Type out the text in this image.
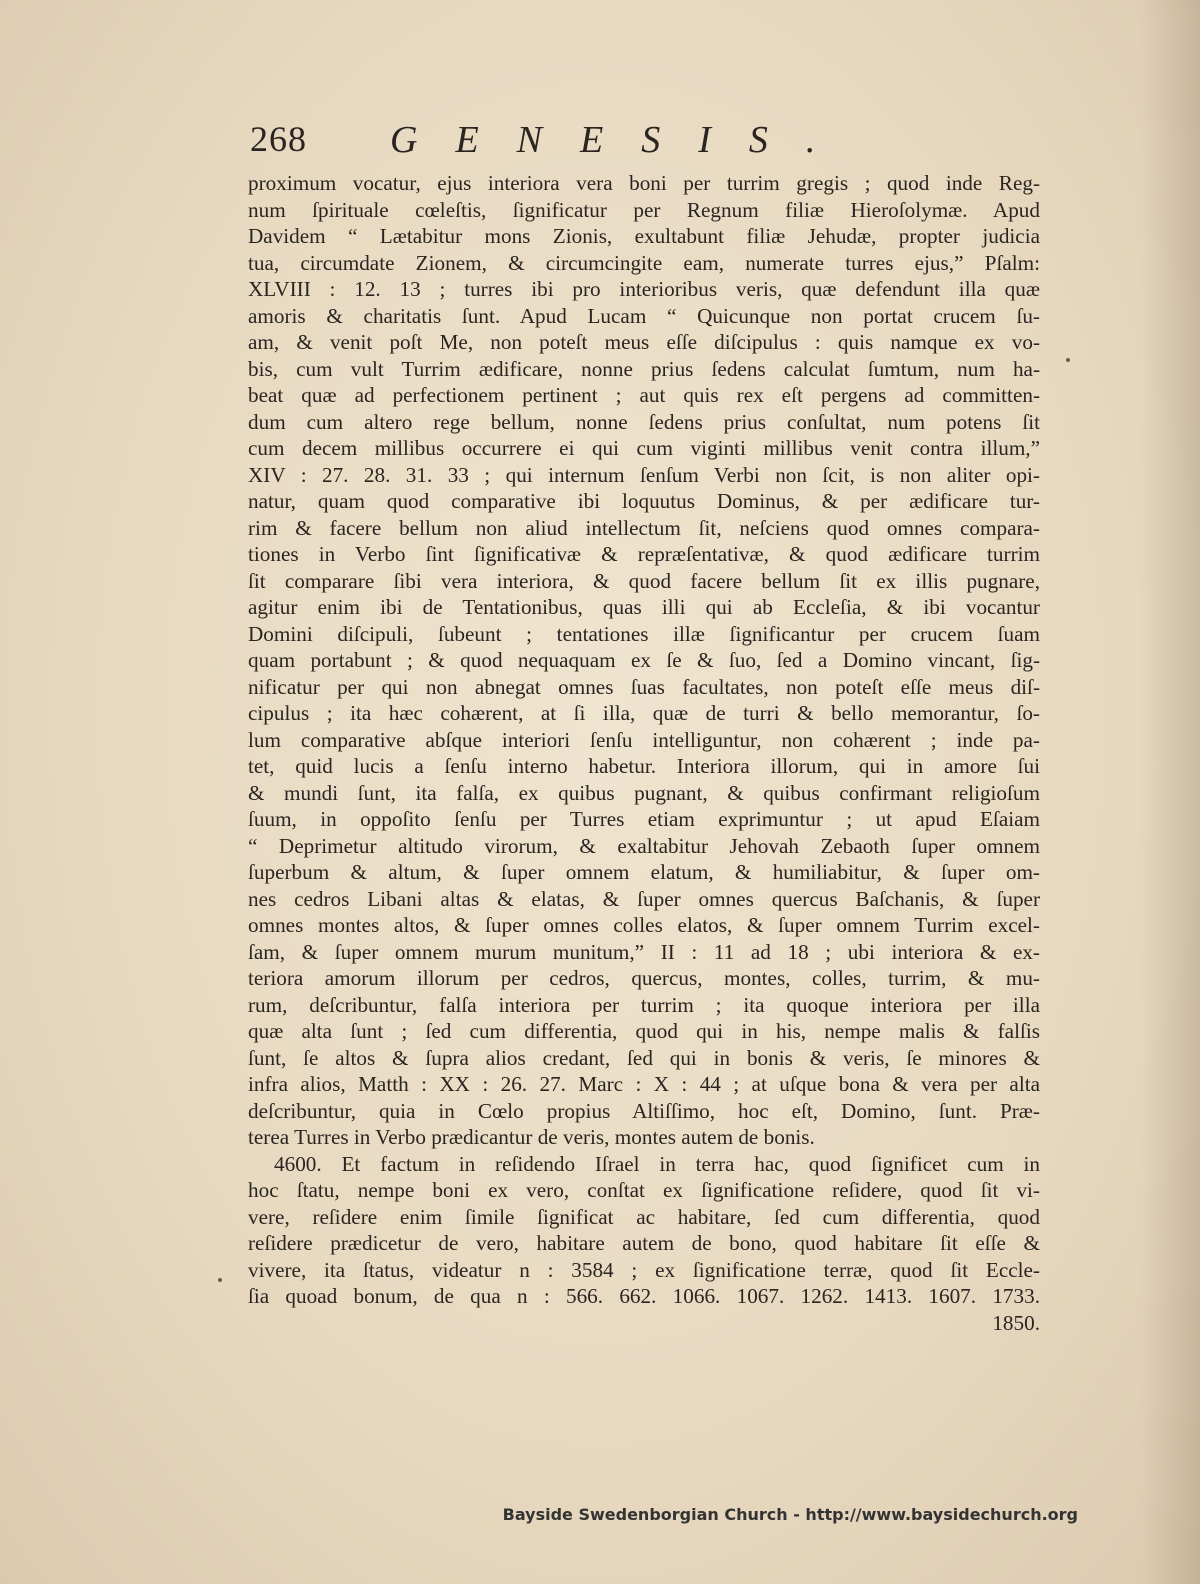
268 GENESIS.
proximum vocatur, ejus interiora vera boni per turrim gregis ; quod inde Reg-
num ſpirituale cœleſtis, ſignificatur per Regnum filiæ Hieroſolymæ. Apud
Davidem “ Lætabitur mons Zionis, exultabunt filiæ Jehudæ, propter judicia
tua, circumdate Zionem, & circumcingite eam, numerate turres ejus,” Pſalm:
XLVIII : 12. 13 ; turres ibi pro interioribus veris, quæ defendunt illa quæ
amoris & charitatis ſunt. Apud Lucam “ Quicunque non portat crucem ſu-
am, & venit poſt Me, non poteſt meus eſſe diſcipulus : quis namque ex vo-
bis, cum vult Turrim ædificare, nonne prius ſedens calculat ſumtum, num ha-
beat quæ ad perfectionem pertinent ; aut quis rex eſt pergens ad committen-
dum cum altero rege bellum, nonne ſedens prius conſultat, num potens ſit
cum decem millibus occurrere ei qui cum viginti millibus venit contra illum,”
XIV : 27. 28. 31. 33 ; qui internum ſenſum Verbi non ſcit, is non aliter opi-
natur, quam quod comparative ibi loquutus Dominus, & per ædificare tur-
rim & facere bellum non aliud intellectum ſit, neſciens quod omnes compara-
tiones in Verbo ſint ſignificativæ & repræſentativæ, & quod ædificare turrim
ſit comparare ſibi vera interiora, & quod facere bellum ſit ex illis pugnare,
agitur enim ibi de Tentationibus, quas illi qui ab Eccleſia, & ibi vocantur
Domini diſcipuli, ſubeunt ; tentationes illæ ſignificantur per crucem ſuam
quam portabunt ; & quod nequaquam ex ſe & ſuo, ſed a Domino vincant, ſig-
nificatur per qui non abnegat omnes ſuas facultates, non poteſt eſſe meus diſ-
cipulus ; ita hæc cohærent, at ſi illa, quæ de turri & bello memorantur, ſo-
lum comparative abſque interiori ſenſu intelliguntur, non cohærent ; inde pa-
tet, quid lucis a ſenſu interno habetur. Interiora illorum, qui in amore ſui
& mundi ſunt, ita falſa, ex quibus pugnant, & quibus confirmant religioſum
ſuum, in oppoſito ſenſu per Turres etiam exprimuntur ; ut apud Eſaiam
“ Deprimetur altitudo virorum, & exaltabitur Jehovah Zebaoth ſuper omnem
ſuperbum & altum, & ſuper omnem elatum, & humiliabitur, & ſuper om-
nes cedros Libani altas & elatas, & ſuper omnes quercus Baſchanis, & ſuper
omnes montes altos, & ſuper omnes colles elatos, & ſuper omnem Turrim excel-
ſam, & ſuper omnem murum munitum,” II : 11 ad 18 ; ubi interiora & ex-
teriora amorum illorum per cedros, quercus, montes, colles, turrim, & mu-
rum, deſcribuntur, falſa interiora per turrim ; ita quoque interiora per illa
quæ alta ſunt ; ſed cum differentia, quod qui in his, nempe malis & falſis
ſunt, ſe altos & ſupra alios credant, ſed qui in bonis & veris, ſe minores &
infra alios, Matth : XX : 26. 27. Marc : X : 44 ; at uſque bona & vera per alta
deſcribuntur, quia in Cœlo propius Altiſſimo, hoc eſt, Domino, ſunt. Præ-
terea Turres in Verbo prædicantur de veris, montes autem de bonis.
4600. Et factum in reſidendo Iſrael in terra hac, quod ſignificet cum in
hoc ſtatu, nempe boni ex vero, conſtat ex ſignificatione reſidere, quod ſit vi-
vere, reſidere enim ſimile ſignificat ac habitare, ſed cum differentia, quod
reſidere prædicetur de vero, habitare autem de bono, quod habitare ſit eſſe &
vivere, ita ſtatus, videatur n : 3584 ; ex ſignificatione terræ, quod ſit Eccle-
ſia quoad bonum, de qua n : 566. 662. 1066. 1067. 1262. 1413. 1607. 1733.
1850.
Bayside Swedenborgian Church - http://www.baysidechurch.org
